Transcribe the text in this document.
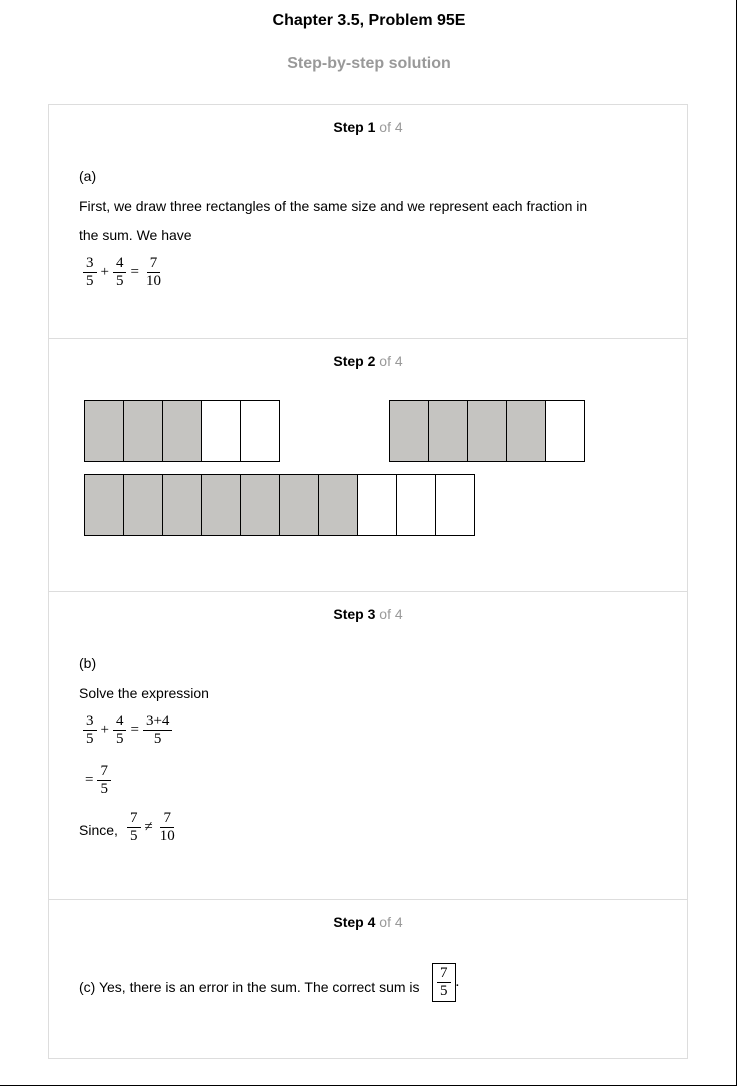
Chapter 3.5, Problem 95E
Step-by-step solution
Step 1 of 4
(a)
First, we draw three rectangles of the same size and we represent each fraction in
the sum. We have
$\frac{3}{5} + \frac{4}{5} = \frac{7}{10}$
Step 2 of 4
Step 3 of 4
(b)
Solve the expression
$\frac{3}{5} + \frac{4}{5} = \frac{3+4}{5}$
= $\frac{7}{5}$
Since, $\frac{7}{5} \ne \frac{7}{10}$
Step 4 of 4
(c) Yes, there is an error in the sum. The correct sum is $\frac{7}{5}$ .
